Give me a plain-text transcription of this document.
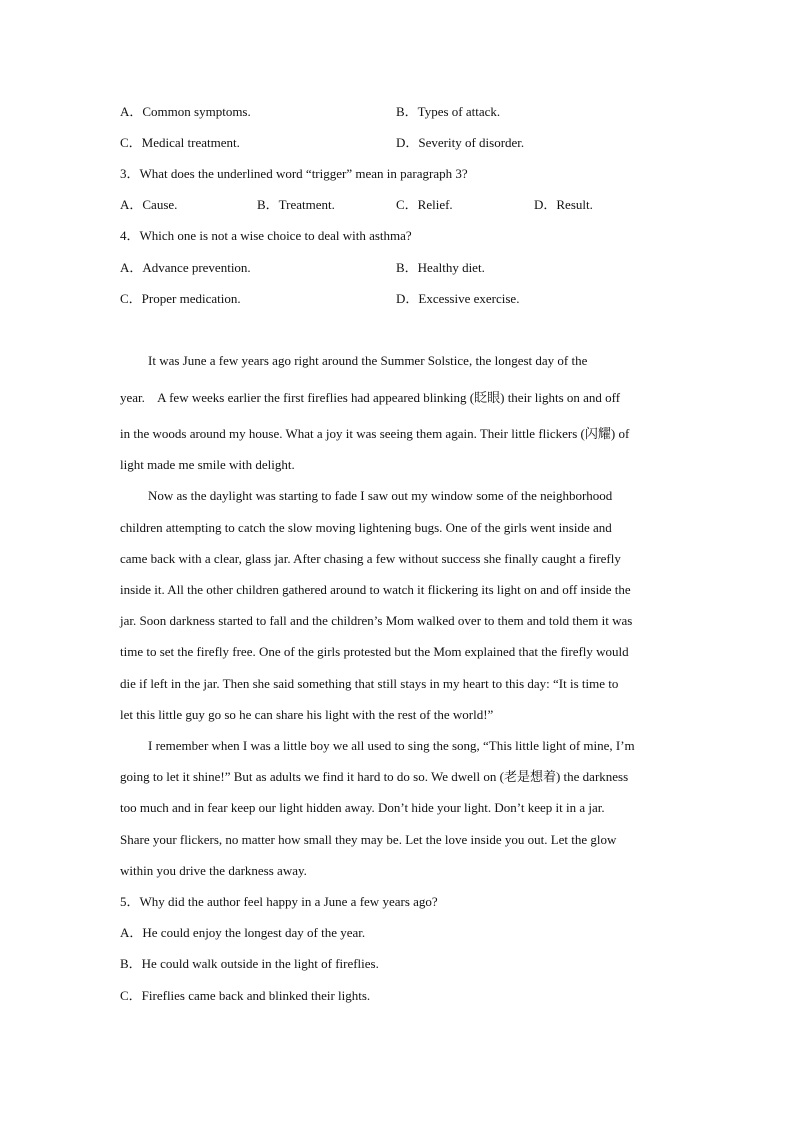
A．Common symptoms.	B．Types of attack.
C．Medical treatment.	D．Severity of disorder.
3．What does the underlined word “trigger” mean in paragraph 3?
A．Cause.	B．Treatment.	C．Relief.	D．Result.
4．Which one is not a wise choice to deal with asthma?
A．Advance prevention.	B．Healthy diet.
C．Proper medication.	D．Excessive exercise.
It was June a few years ago right around the Summer Solstice, the longest day of the
year.    A few weeks earlier the first fireflies had appeared blinking (眨眼) their lights on and off
in the woods around my house. What a joy it was seeing them again. Their little flickers (闪耀) of
light made me smile with delight.
Now as the daylight was starting to fade I saw out my window some of the neighborhood
children attempting to catch the slow moving lightening bugs. One of the girls went inside and
came back with a clear, glass jar. After chasing a few without success she finally caught a firefly
inside it. All the other children gathered around to watch it flickering its light on and off inside the
jar. Soon darkness started to fall and the children’s Mom walked over to them and told them it was
time to set the firefly free. One of the girls protested but the Mom explained that the firefly would
die if left in the jar. Then she said something that still stays in my heart to this day: “It is time to
let this little guy go so he can share his light with the rest of the world!”
I remember when I was a little boy we all used to sing the song, “This little light of mine, I’m
going to let it shine!” But as adults we find it hard to do so. We dwell on (老是想着) the darkness
too much and in fear keep our light hidden away. Don’t hide your light. Don’t keep it in a jar.
Share your flickers, no matter how small they may be. Let the love inside you out. Let the glow
within you drive the darkness away.
5．Why did the author feel happy in a June a few years ago?
A．He could enjoy the longest day of the year.
B．He could walk outside in the light of fireflies.
C．Fireflies came back and blinked their lights.
